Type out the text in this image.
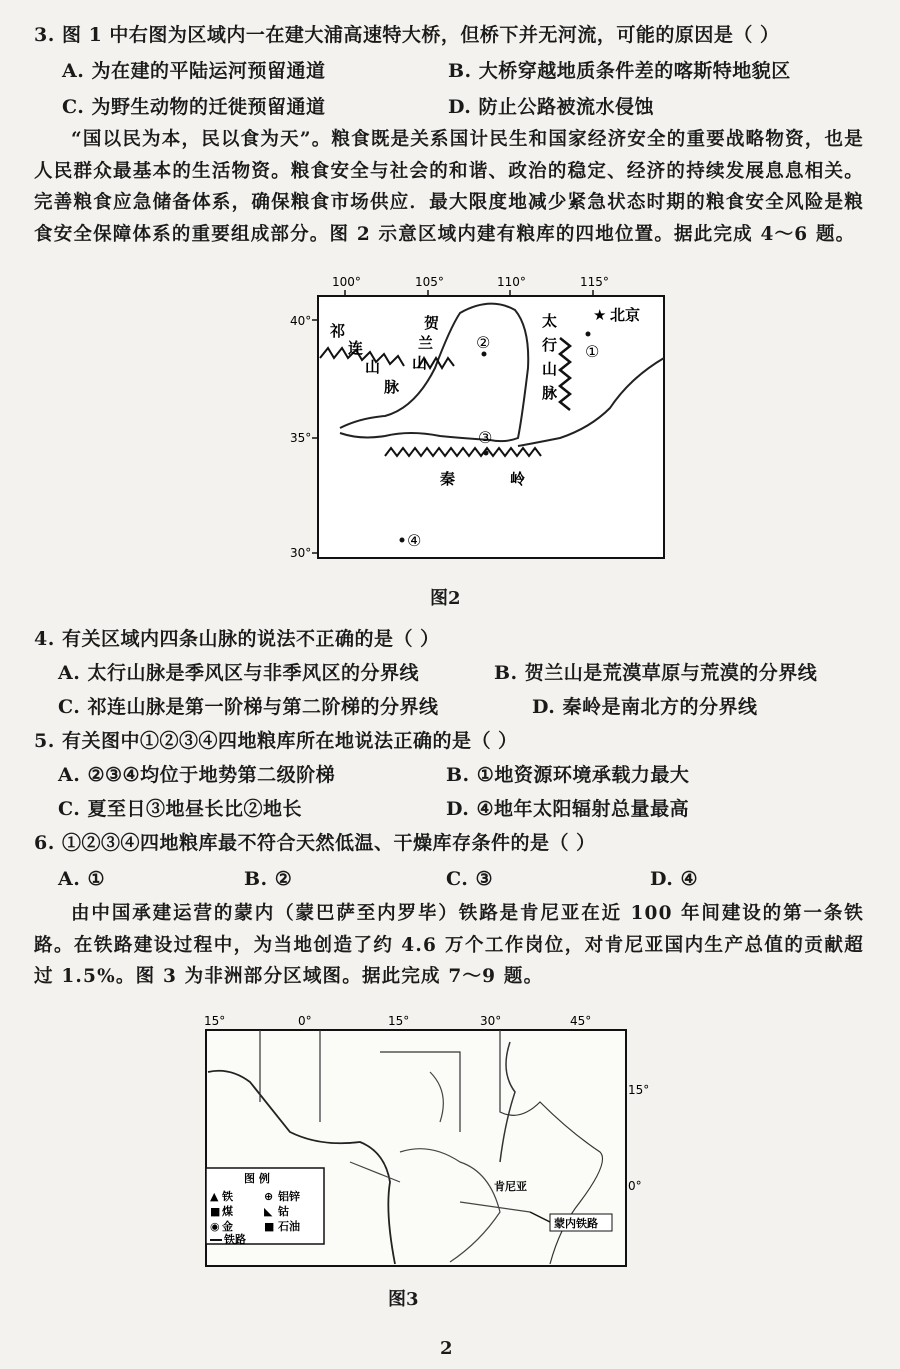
3. 图 1 中右图为区域内一在建大浦高速特大桥，但桥下并无河流，可能的原因是（ ）
A. 为在建的平陆运河预留通道	B. 大桥穿越地质条件差的喀斯特地貌区
C. 为野生动物的迁徙预留通道	D. 防止公路被流水侵蚀
“国以民为本，民以食为天”。粮食既是关系国计民生和国家经济安全的重要战略物资，也是人民群众最基本的生活物资。粮食安全与社会的和谐、政治的稳定、经济的持续发展息息相关。完善粮食应急储备体系，确保粮食市场供应．最大限度地减少紧急状态时期的粮食安全风险是粮食安全保障体系的重要组成部分。图 2 示意区域内建有粮库的四地位置。据此完成 4～6 题。
100°	105°	110°	115°
40°
35°
30°
祁
连
山
脉
贺
兰
山
太
行
山
脉
秦	岭
★ 北京
①
②
③
④
图2
4. 有关区域内四条山脉的说法不正确的是（ ）
A. 太行山脉是季风区与非季风区的分界线	B. 贺兰山是荒漠草原与荒漠的分界线
C. 祁连山脉是第一阶梯与第二阶梯的分界线	D. 秦岭是南北方的分界线
5. 有关图中①②③④四地粮库所在地说法正确的是（ ）
A. ②③④均位于地势第二级阶梯	B. ①地资源环境承载力最大
C. 夏至日③地昼长比②地长	D. ④地年太阳辐射总量最高
6. ①②③④四地粮库最不符合天然低温、干燥库存条件的是（ ）
A. ①	B. ②	C. ③	D. ④
由中国承建运营的蒙内（蒙巴萨至内罗毕）铁路是肯尼亚在近 100 年间建设的第一条铁路。在铁路建设过程中，为当地创造了约 4.6 万个工作岗位，对肯尼亚国内生产总值的贡献超过 1.5%。图 3 为非洲部分区域图。据此完成 7～9 题。
15°	0°	15°	30°	45°
15°
0°
肯尼亚
蒙内铁路
图 例
▲ 铁	⊕ 铝锌
■ 煤	◣ 钴
◉ 金	■ 石油
铁路
图3
2
